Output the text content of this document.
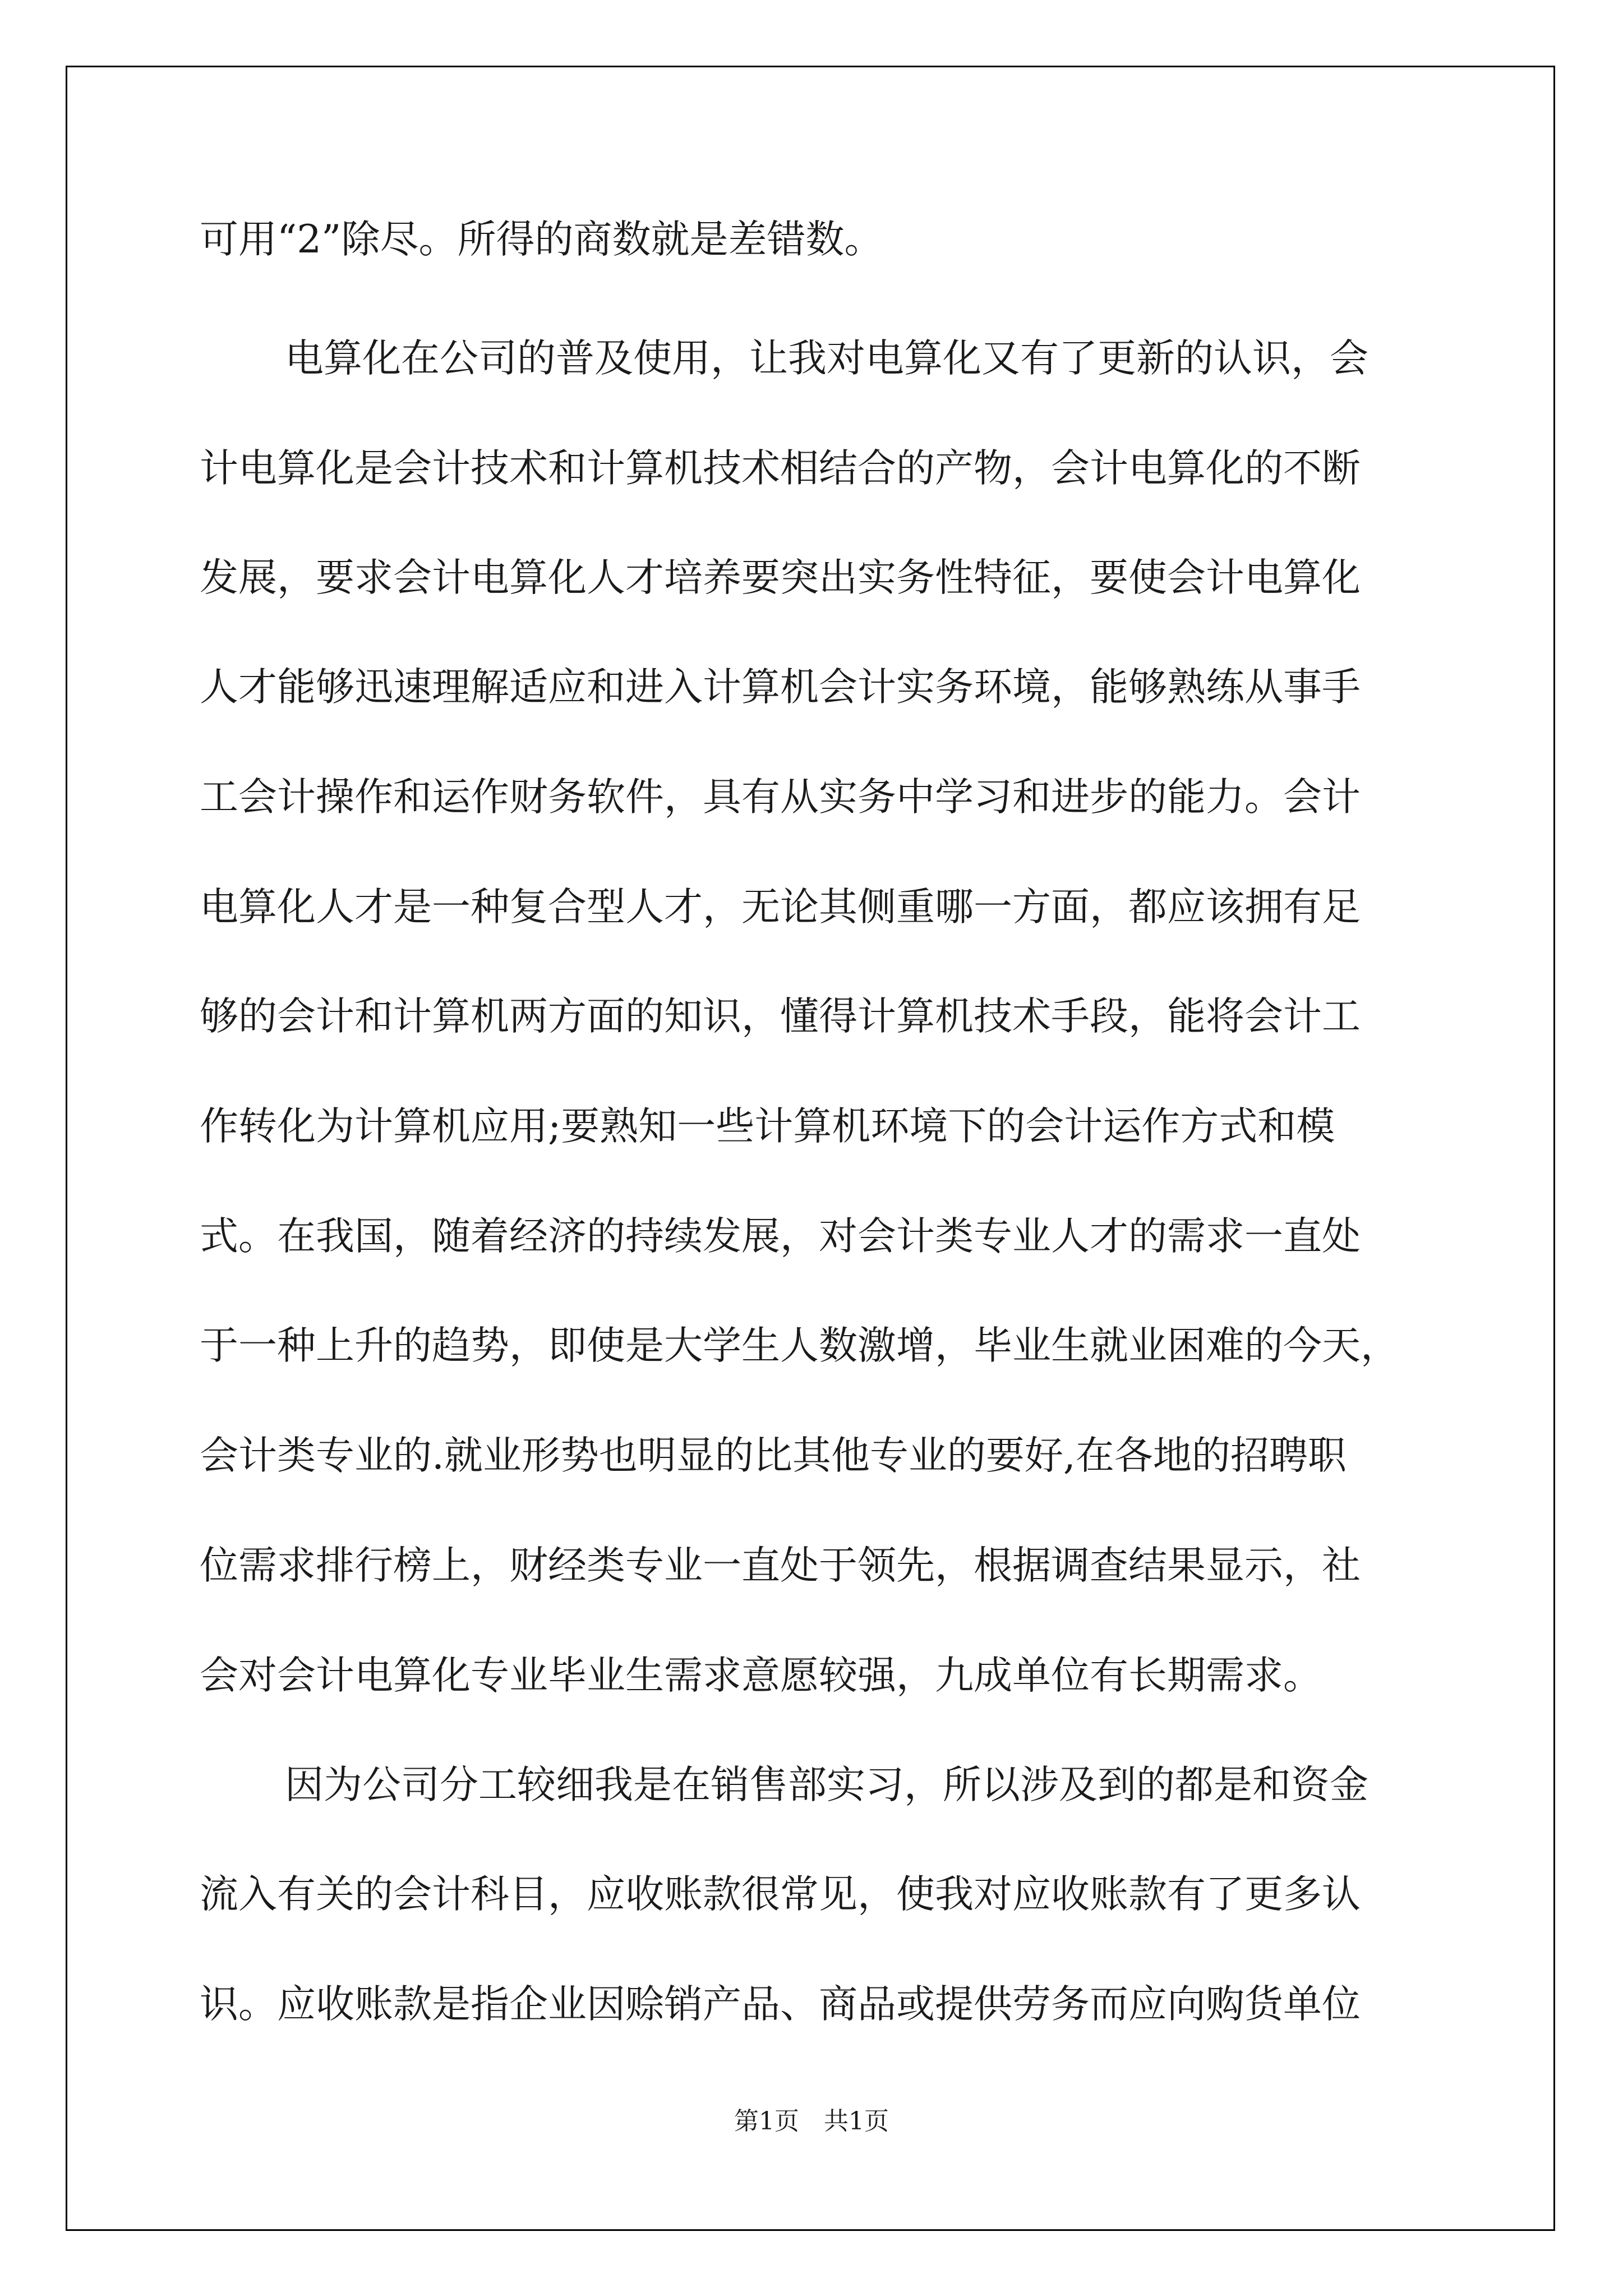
可用“2”除尽。所得的商数就是差错数。
电算化在公司的普及使用，让我对电算化又有了更新的认识，会
计电算化是会计技术和计算机技术相结合的产物，会计电算化的不断
发展，要求会计电算化人才培养要突出实务性特征，要使会计电算化
人才能够迅速理解适应和进入计算机会计实务环境，能够熟练从事手
工会计操作和运作财务软件，具有从实务中学习和进步的能力。会计
电算化人才是一种复合型人才，无论其侧重哪一方面，都应该拥有足
够的会计和计算机两方面的知识，懂得计算机技术手段，能将会计工
作转化为计算机应用;要熟知一些计算机环境下的会计运作方式和模
式。在我国，随着经济的持续发展，对会计类专业人才的需求一直处
于一种上升的趋势，即使是大学生人数激增，毕业生就业困难的今天，
会计类专业的.就业形势也明显的比其他专业的要好,在各地的招聘职
位需求排行榜上，财经类专业一直处于领先，根据调查结果显示，社
会对会计电算化专业毕业生需求意愿较强，九成单位有长期需求。
因为公司分工较细我是在销售部实习，所以涉及到的都是和资金
流入有关的会计科目，应收账款很常见，使我对应收账款有了更多认
识。应收账款是指企业因赊销产品、商品或提供劳务而应向购货单位
第1页　共1页
